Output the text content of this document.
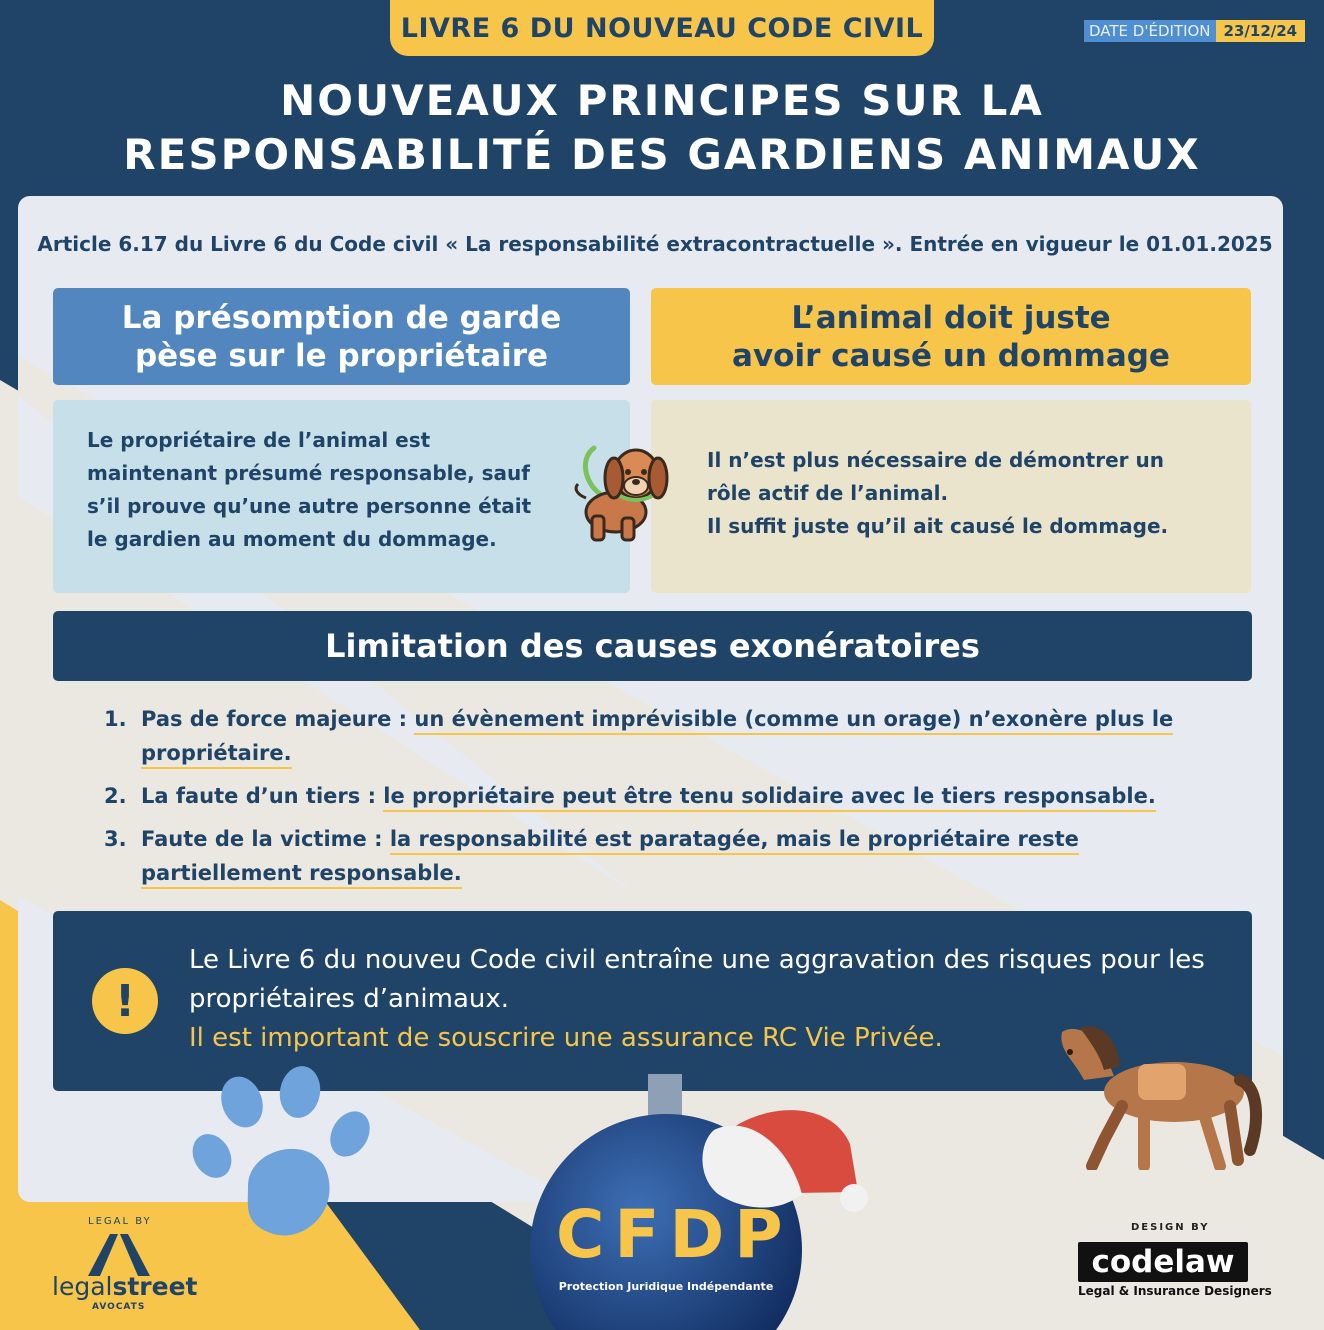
LIVRE 6 DU NOUVEAU CODE CIVIL	DATE D'ÉDITION 23/12/24
NOUVEAUX PRINCIPES SUR LA
RESPONSABILITÉ DES GARDIENS ANIMAUX
Article 6.17 du Livre 6 du Code civil « La responsabilité extracontractuelle ». Entrée en vigueur le 01.01.2025
La présomption de garde
pèse sur le propriétaire
L’animal doit juste
avoir causé un dommage
Le propriétaire de l’animal est
maintenant présumé responsable, sauf
s’il prouve qu’une autre personne était
le gardien au moment du dommage.
Il n’est plus nécessaire de démontrer un
rôle actif de l’animal.
Il suffit juste qu’il ait causé le dommage.
Limitation des causes exonératoires
1. Pas de force majeure : un évènement imprévisible (comme un orage) n’exonère plus le propriétaire.
2. La faute d’un tiers : le propriétaire peut être tenu solidaire avec le tiers responsable.
3. Faute de la victime : la responsabilité est paratagée, mais le propriétaire reste partiellement responsable.
!
Le Livre 6 du nouveu Code civil entraîne une aggravation des risques pour les propriétaires d’animaux.
Il est important de souscrire une assurance RC Vie Privée.
CFDP
Protection Juridique Indépendante
LEGAL BY
legalstreet
AVOCATS
DESIGN BY
codelaw
Legal & Insurance Designers
